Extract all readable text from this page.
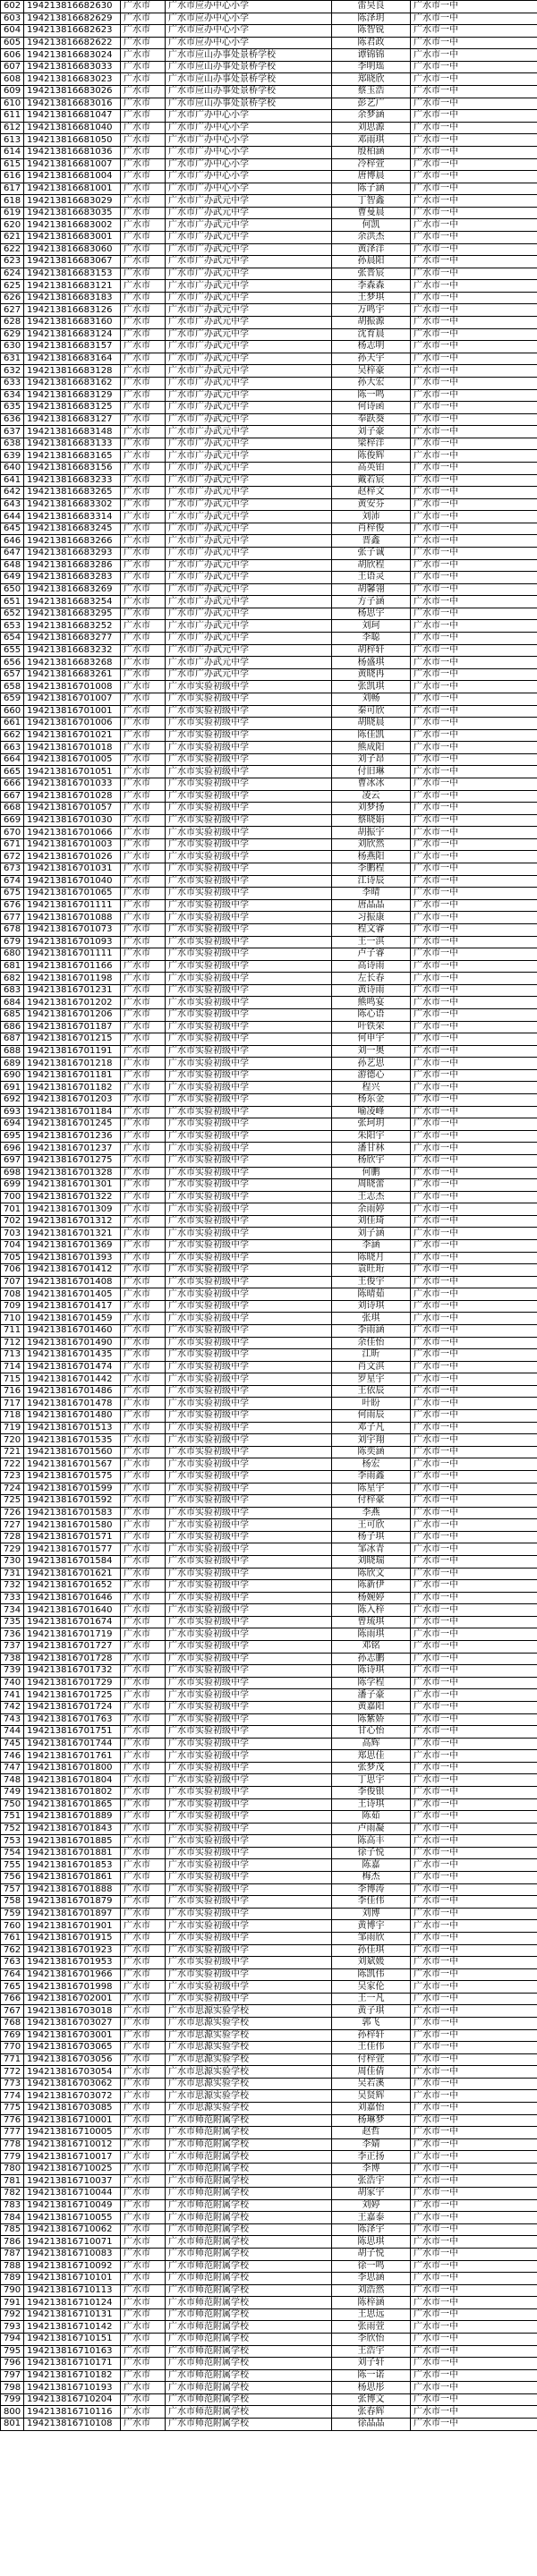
602	194213816682630	广水市	广水市应办中心小学	雷昊良	广水市一中
603	194213816682629	广水市	广水市应办中心小学	陈泽玥	广水市一中
604	194213816682623	广水市	广水市应办中心小学	陈智锐	广水市一中
605	194213816682622	广水市	广水市应办中心小学	陈君政	广水市一中
606	194213816683024	广水市	广水市应山办事处景桥学校	谭锦锦	广水市一中
607	194213816683033	广水市	广水市应山办事处景桥学校	李明瑶	广水市一中
608	194213816683023	广水市	广水市应山办事处景桥学校	郑晓欣	广水市一中
609	194213816683026	广水市	广水市应山办事处景桥学校	蔡玉浩	广水市一中
610	194213816683016	广水市	广水市应山办事处景桥学校	彭艺广	广水市一中
611	194213816681047	广水市	广水市广办中心小学	余梦涵	广水市一中
612	194213816681040	广水市	广水市广办中心小学	刘思源	广水市一中
613	194213816681050	广水市	广水市广办中心小学	邓雨琪	广水市一中
614	194213816681036	广水市	广水市广办中心小学	殷柏涵	广水市一中
615	194213816681007	广水市	广水市广办中心小学	冷梓萱	广水市一中
616	194213816681004	广水市	广水市广办中心小学	唐博晨	广水市一中
617	194213816681001	广水市	广水市广办中心小学	陈子涵	广水市一中
618	194213816683029	广水市	广水市广办武元中学	丁智鑫	广水市一中
619	194213816683035	广水市	广水市广办武元中学	曹曼晨	广水市一中
620	194213816683002	广水市	广水市广办武元中学	何凯	广水市一中
621	194213816683001	广水市	广水市广办武元中学	余洪杰	广水市一中
622	194213816683060	广水市	广水市广办武元中学	黄泽洋	广水市一中
623	194213816683067	广水市	广水市广办武元中学	孙晨阳	广水市一中
624	194213816683153	广水市	广水市广办武元中学	张晋宸	广水市一中
625	194213816683121	广水市	广水市广办武元中学	李森森	广水市一中
626	194213816683183	广水市	广水市广办武元中学	王梦琪	广水市一中
627	194213816683126	广水市	广水市广办武元中学	万鸣宇	广水市一中
628	194213816683160	广水市	广水市广办武元中学	胡振源	广水市一中
629	194213816683124	广水市	广水市广办武元中学	沈育晨	广水市一中
630	194213816683157	广水市	广水市广办武元中学	杨志明	广水市一中
631	194213816683164	广水市	广水市广办武元中学	孙天宇	广水市一中
632	194213816683128	广水市	广水市广办武元中学	吴梓豪	广水市一中
633	194213816683162	广水市	广水市广办武元中学	孙大宏	广水市一中
634	194213816683129	广水市	广水市广办武元中学	陈一鸣	广水市一中
635	194213816683125	广水市	广水市广办武元中学	何诗函	广水市一中
636	194213816683127	广水市	广水市广办武元中学	奉跃葵	广水市一中
637	194213816683148	广水市	广水市广办武元中学	刘子豪	广水市一中
638	194213816683133	广水市	广水市广办武元中学	梁梓洋	广水市一中
639	194213816683165	广水市	广水市广办武元中学	陈俊辉	广水市一中
640	194213816683156	广水市	广水市广办武元中学	高英铂	广水市一中
641	194213816683233	广水市	广水市广办武元中学	戴若宸	广水市一中
642	194213816683265	广水市	广水市广办武元中学	赵梓文	广水市一中
643	194213816683302	广水市	广水市广办武元中学	黄安芬	广水市一中
644	194213816683314	广水市	广水市广办武元中学	刘沛	广水市一中
645	194213816683245	广水市	广水市广办武元中学	肖梓俊	广水市一中
646	194213816683266	广水市	广水市广办武元中学	晋鑫	广水市一中
647	194213816683293	广水市	广水市广办武元中学	张子诚	广水市一中
648	194213816683286	广水市	广水市广办武元中学	胡欣程	广水市一中
649	194213816683283	广水市	广水市广办武元中学	王语灵	广水市一中
650	194213816683269	广水市	广水市广办武元中学	胡馨翎	广水市一中
651	194213816683254	广水市	广水市广办武元中学	方子涵	广水市一中
652	194213816683295	广水市	广水市广办武元中学	杨思宇	广水市一中
653	194213816683252	广水市	广水市广办武元中学	刘珂	广水市一中
654	194213816683277	广水市	广水市广办武元中学	李聪	广水市一中
655	194213816683232	广水市	广水市广办武元中学	胡梓轩	广水市一中
656	194213816683268	广水市	广水市广办武元中学	杨盛琪	广水市一中
657	194213816683261	广水市	广水市广办武元中学	黄晓冉	广水市一中
658	194213816701008	广水市	广水市实验初级中学	张凯琪	广水市一中
659	194213816701007	广水市	广水市实验初级中学	刘畅	广水市一中
660	194213816701001	广水市	广水市实验初级中学	秦可欣	广水市一中
661	194213816701006	广水市	广水市实验初级中学	胡晓晨	广水市一中
662	194213816701021	广水市	广水市实验初级中学	陈佳凯	广水市一中
663	194213816701018	广水市	广水市实验初级中学	熊成阳	广水市一中
664	194213816701005	广水市	广水市实验初级中学	刘子昂	广水市一中
665	194213816701051	广水市	广水市实验初级中学	付旧琳	广水市一中
666	194213816701033	广水市	广水市实验初级中学	曹冰冰	广水市一中
667	194213816701028	广水市	广水市实验初级中学	凌云	广水市一中
668	194213816701057	广水市	广水市实验初级中学	刘梦扬	广水市一中
669	194213816701030	广水市	广水市实验初级中学	蔡晓娟	广水市一中
670	194213816701066	广水市	广水市实验初级中学	胡振宇	广水市一中
671	194213816701003	广水市	广水市实验初级中学	刘欣然	广水市一中
672	194213816701026	广水市	广水市实验初级中学	杨燕阳	广水市一中
673	194213816701031	广水市	广水市实验初级中学	李鹏程	广水市一中
674	194213816701040	广水市	广水市实验初级中学	江诗辰	广水市一中
675	194213816701065	广水市	广水市实验初级中学	李晴	广水市一中
676	194213816701111	广水市	广水市实验初级中学	唐晶晶	广水市一中
677	194213816701088	广水市	广水市实验初级中学	习振康	广水市一中
678	194213816701073	广水市	广水市实验初级中学	程文睿	广水市一中
679	194213816701093	广水市	广水市实验初级中学	王一淇	广水市一中
680	194213816701111	广水市	广水市实验初级中学	卢子睿	广水市一中
681	194213816701166	广水市	广水市实验初级中学	高诗雨	广水市一中
682	194213816701198	广水市	广水市实验初级中学	左长春	广水市一中
683	194213816701231	广水市	广水市实验初级中学	黄诗雨	广水市一中
684	194213816701202	广水市	广水市实验初级中学	熊鸣宴	广水市一中
685	194213816701206	广水市	广水市实验初级中学	陈心语	广水市一中
686	194213816701187	广水市	广水市实验初级中学	叶铁荣	广水市一中
687	194213816701215	广水市	广水市实验初级中学	何申宇	广水市一中
688	194213816701191	广水市	广水市实验初级中学	刘一奥	广水市一中
689	194213816701218	广水市	广水市实验初级中学	孙艺思	广水市一中
690	194213816701181	广水市	广水市实验初级中学	游德心	广水市一中
691	194213816701182	广水市	广水市实验初级中学	程兴	广水市一中
692	194213816701203	广水市	广水市实验初级中学	杨东金	广水市一中
693	194213816701184	广水市	广水市实验初级中学	喻凌峰	广水市一中
694	194213816701245	广水市	广水市实验初级中学	张珂玥	广水市一中
695	194213816701236	广水市	广水市实验初级中学	朱阳宇	广水市一中
696	194213816701237	广水市	广水市实验初级中学	潘甘林	广水市一中
697	194213816701275	广水市	广水市实验初级中学	杨欣宇	广水市一中
698	194213816701328	广水市	广水市实验初级中学	何鹏	广水市一中
699	194213816701301	广水市	广水市实验初级中学	周晓蕾	广水市一中
700	194213816701322	广水市	广水市实验初级中学	王志杰	广水市一中
701	194213816701309	广水市	广水市实验初级中学	余雨婷	广水市一中
702	194213816701312	广水市	广水市实验初级中学	刘佳琦	广水市一中
703	194213816701321	广水市	广水市实验初级中学	刘子涵	广水市一中
704	194213816701369	广水市	广水市实验初级中学	李涵	广水市一中
705	194213816701393	广水市	广水市实验初级中学	陈晓月	广水市一中
706	194213816701412	广水市	广水市实验初级中学	袁旺珩	广水市一中
707	194213816701408	广水市	广水市实验初级中学	王俊宇	广水市一中
708	194213816701405	广水市	广水市实验初级中学	陈晴茹	广水市一中
709	194213816701417	广水市	广水市实验初级中学	刘诗琪	广水市一中
710	194213816701459	广水市	广水市实验初级中学	张琪	广水市一中
711	194213816701460	广水市	广水市实验初级中学	李雨涵	广水市一中
712	194213816701490	广水市	广水市实验初级中学	余佳怡	广水市一中
713	194213816701435	广水市	广水市实验初级中学	江昕	广水市一中
714	194213816701474	广水市	广水市实验初级中学	肖文淇	广水市一中
715	194213816701442	广水市	广水市实验初级中学	罗星宇	广水市一中
716	194213816701486	广水市	广水市实验初级中学	王依辰	广水市一中
717	194213816701478	广水市	广水市实验初级中学	叶盼	广水市一中
718	194213816701480	广水市	广水市实验初级中学	何雨辰	广水市一中
719	194213816701513	广水市	广水市实验初级中学	邓子凡	广水市一中
720	194213816701535	广水市	广水市实验初级中学	刘宇翔	广水市一中
721	194213816701560	广水市	广水市实验初级中学	陈奕涵	广水市一中
722	194213816701567	广水市	广水市实验初级中学	杨宏	广水市一中
723	194213816701575	广水市	广水市实验初级中学	李雨鑫	广水市一中
724	194213816701599	广水市	广水市实验初级中学	陈星宇	广水市一中
725	194213816701592	广水市	广水市实验初级中学	付梓豪	广水市一中
726	194213816701583	广水市	广水市实验初级中学	李燕	广水市一中
727	194213816701580	广水市	广水市实验初级中学	王可欣	广水市一中
728	194213816701571	广水市	广水市实验初级中学	杨子琪	广水市一中
729	194213816701577	广水市	广水市实验初级中学	邹冰青	广水市一中
730	194213816701584	广水市	广水市实验初级中学	刘晓瑞	广水市一中
731	194213816701621	广水市	广水市实验初级中学	陈欣文	广水市一中
732	194213816701652	广水市	广水市实验初级中学	陈新伊	广水市一中
733	194213816701646	广水市	广水市实验初级中学	杨婉婷	广水市一中
734	194213816701640	广水市	广水市实验初级中学	陈入梓	广水市一中
735	194213816701674	广水市	广水市实验初级中学	曾琉琪	广水市一中
736	194213816701719	广水市	广水市实验初级中学	陈雨琪	广水市一中
737	194213816701727	广水市	广水市实验初级中学	邓铭	广水市一中
738	194213816701728	广水市	广水市实验初级中学	孙志鹏	广水市一中
739	194213816701732	广水市	广水市实验初级中学	陈诗琪	广水市一中
740	194213816701729	广水市	广水市实验初级中学	陈学程	广水市一中
741	194213816701725	广水市	广水市实验初级中学	潘子豪	广水市一中
742	194213816701724	广水市	广水市实验初级中学	黄嘉阳	广水市一中
743	194213816701763	广水市	广水市实验初级中学	陈紫娇	广水市一中
744	194213816701751	广水市	广水市实验初级中学	甘心怡	广水市一中
745	194213816701744	广水市	广水市实验初级中学	高辉	广水市一中
746	194213816701761	广水市	广水市实验初级中学	郑思佳	广水市一中
747	194213816701800	广水市	广水市实验初级中学	张梦茂	广水市一中
748	194213816701804	广水市	广水市实验初级中学	丁思宇	广水市一中
749	194213816701802	广水市	广水市实验初级中学	李俊银	广水市一中
750	194213816701865	广水市	广水市实验初级中学	王诗琪	广水市一中
751	194213816701889	广水市	广水市实验初级中学	陈茹	广水市一中
752	194213816701843	广水市	广水市实验初级中学	卢雨凝	广水市一中
753	194213816701885	广水市	广水市实验初级中学	陈高丰	广水市一中
754	194213816701881	广水市	广水市实验初级中学	徐子悦	广水市一中
755	194213816701853	广水市	广水市实验初级中学	陈嘉	广水市一中
756	194213816701861	广水市	广水市实验初级中学	梅杰	广水市一中
757	194213816701888	广水市	广水市实验初级中学	李博涛	广水市一中
758	194213816701879	广水市	广水市实验初级中学	李佳伟	广水市一中
759	194213816701897	广水市	广水市实验初级中学	刘博	广水市一中
760	194213816701901	广水市	广水市实验初级中学	黄博宇	广水市一中
761	194213816701915	广水市	广水市实验初级中学	邹雨欣	广水市一中
762	194213816701923	广水市	广水市实验初级中学	孙佳琪	广水市一中
763	194213816701953	广水市	广水市实验初级中学	刘斌媛	广水市一中
764	194213816701966	广水市	广水市实验初级中学	陈凯伟	广水市一中
765	194213816701998	广水市	广水市实验初级中学	吴家伦	广水市一中
766	194213816702001	广水市	广水市实验初级中学	王一凡	广水市一中
767	194213816703018	广水市	广水市思源实验学校	黄子琪	广水市一中
768	194213816703027	广水市	广水市思源实验学校	郭飞	广水市一中
769	194213816703001	广水市	广水市思源实验学校	孙梓轩	广水市一中
770	194213816703065	广水市	广水市思源实验学校	王佳伟	广水市一中
771	194213816703056	广水市	广水市思源实验学校	付梓萱	广水市一中
772	194213816703054	广水市	广水市思源实验学校	周佳倩	广水市一中
773	194213816703062	广水市	广水市思源实验学校	吴若溪	广水市一中
774	194213816703072	广水市	广水市思源实验学校	吴贤辉	广水市一中
775	194213816703085	广水市	广水市思源实验学校	刘嘉怡	广水市一中
776	194213816710001	广水市	广水市师范附属学校	杨琳梦	广水市一中
777	194213816710005	广水市	广水市师范附属学校	赵哲	广水市一中
778	194213816710012	广水市	广水市师范附属学校	李婧	广水市一中
779	194213816710017	广水市	广水市师范附属学校	李正扬	广水市一中
780	194213816710025	广水市	广水市师范附属学校	李博	广水市一中
781	194213816710037	广水市	广水市师范附属学校	张浩宇	广水市一中
782	194213816710044	广水市	广水市师范附属学校	胡家宇	广水市一中
783	194213816710049	广水市	广水市师范附属学校	刘婷	广水市一中
784	194213816710055	广水市	广水市师范附属学校	王嘉泰	广水市一中
785	194213816710062	广水市	广水市师范附属学校	陈泽宇	广水市一中
786	194213816710071	广水市	广水市师范附属学校	陈思琪	广水市一中
787	194213816710083	广水市	广水市师范附属学校	胡子悦	广水市一中
788	194213816710092	广水市	广水市师范附属学校	徐一鸣	广水市一中
789	194213816710101	广水市	广水市师范附属学校	李思涵	广水市一中
790	194213816710113	广水市	广水市师范附属学校	刘浩然	广水市一中
791	194213816710124	广水市	广水市师范附属学校	陈梓涵	广水市一中
792	194213816710131	广水市	广水市师范附属学校	王思远	广水市一中
793	194213816710142	广水市	广水市师范附属学校	张雨萱	广水市一中
794	194213816710151	广水市	广水市师范附属学校	李欣怡	广水市一中
795	194213816710163	广水市	广水市师范附属学校	王浩宇	广水市一中
796	194213816710171	广水市	广水市师范附属学校	刘子轩	广水市一中
797	194213816710182	广水市	广水市师范附属学校	陈一诺	广水市一中
798	194213816710193	广水市	广水市师范附属学校	杨思彤	广水市一中
799	194213816710204	广水市	广水市师范附属学校	张博文	广水市一中
800	194213816710116	广水市	广水市师范附属学校	张春辉	广水市一中
801	194213816710108	广水市	广水市师范附属学校	徐晶晶	广水市一中
